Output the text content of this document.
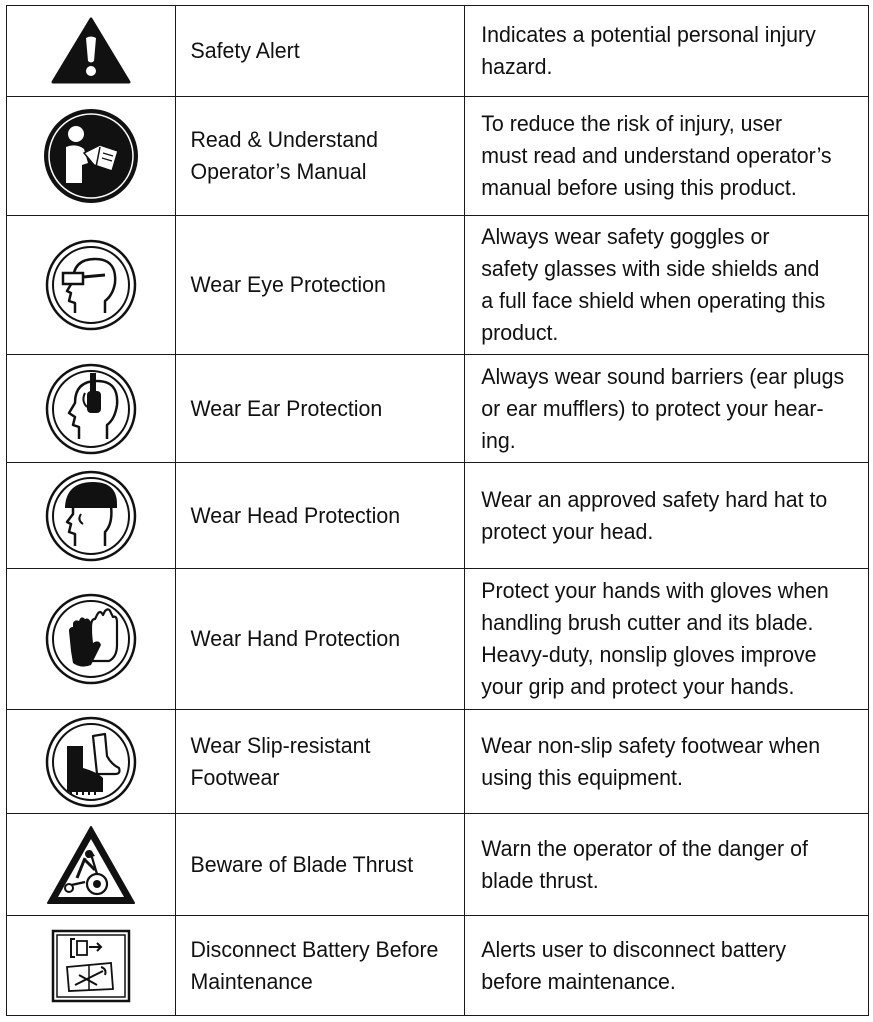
Safety Alert	Indicates a potential personal injury
hazard.

Read & Understand
Operator’s Manual	To reduce the risk of injury, user
must read and understand operator’s
manual before using this product.

Wear Eye Protection	Always wear safety goggles or
safety glasses with side shields and
a full face shield when operating this
product.

Wear Ear Protection	Always wear sound barriers (ear plugs
or ear mufflers) to protect your hear-
ing.

Wear Head Protection	Wear an approved safety hard hat to
protect your head.

Wear Hand Protection	Protect your hands with gloves when
handling brush cutter and its blade.
Heavy-duty, nonslip gloves improve
your grip and protect your hands.

Wear Slip-resistant
Footwear	Wear non-slip safety footwear when
using this equipment.

Beware of Blade Thrust	Warn the operator of the danger of
blade thrust.

Disconnect Battery Before
Maintenance	Alerts user to disconnect battery
before maintenance.
